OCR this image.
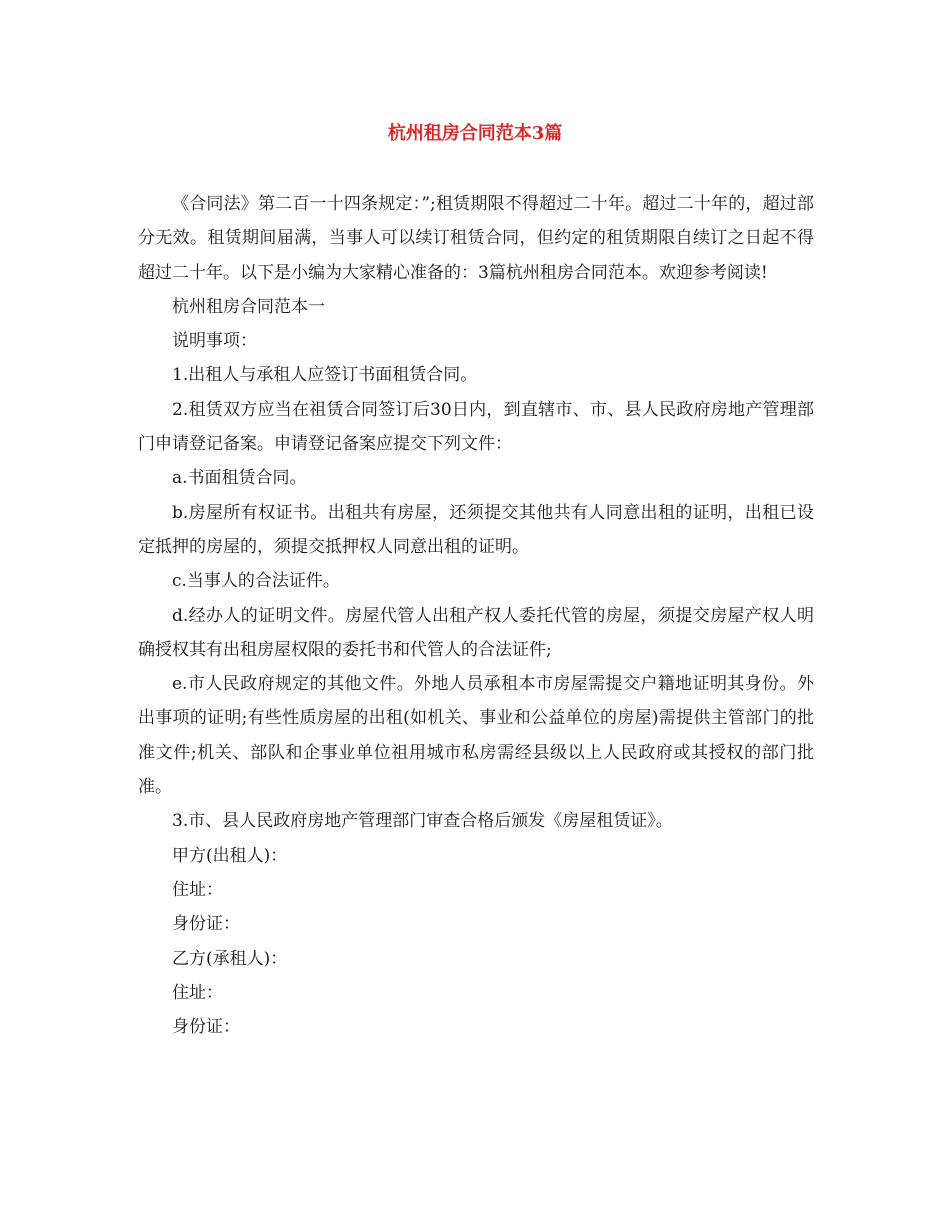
杭州租房合同范本3篇

《合同法》第二百一十四条规定：”;租赁期限不得超过二十年。超过二十年的，超过部分无效。租赁期间届满，当事人可以续订租赁合同，但约定的租赁期限自续订之日起不得超过二十年。以下是小编为大家精心准备的：3篇杭州租房合同范本。欢迎参考阅读!

杭州租房合同范本一

说明事项：

1.出租人与承租人应签订书面租赁合同。

2.租赁双方应当在祖赁合同签订后30日内，到直辖市、市、县人民政府房地产管理部门申请登记备案。申请登记备案应提交下列文件：

a.书面租赁合同。

b.房屋所有权证书。出租共有房屋，还须提交其他共有人同意出租的证明，出租已设定抵押的房屋的，须提交抵押权人同意出租的证明。

c.当事人的合法证件。

d.经办人的证明文件。房屋代管人出租产权人委托代管的房屋，须提交房屋产权人明确授权其有出租房屋权限的委托书和代管人的合法证件;

e.市人民政府规定的其他文件。外地人员承租本市房屋需提交户籍地证明其身份。外出事项的证明;有些性质房屋的出租(如机关、事业和公益单位的房屋)需提供主管部门的批准文件;机关、部队和企事业单位祖用城市私房需经县级以上人民政府或其授权的部门批准。

3.市、县人民政府房地产管理部门审查合格后颁发《房屋租赁证》。

甲方(出租人)：

住址：

身份证：

乙方(承租人)：

住址：

身份证：
